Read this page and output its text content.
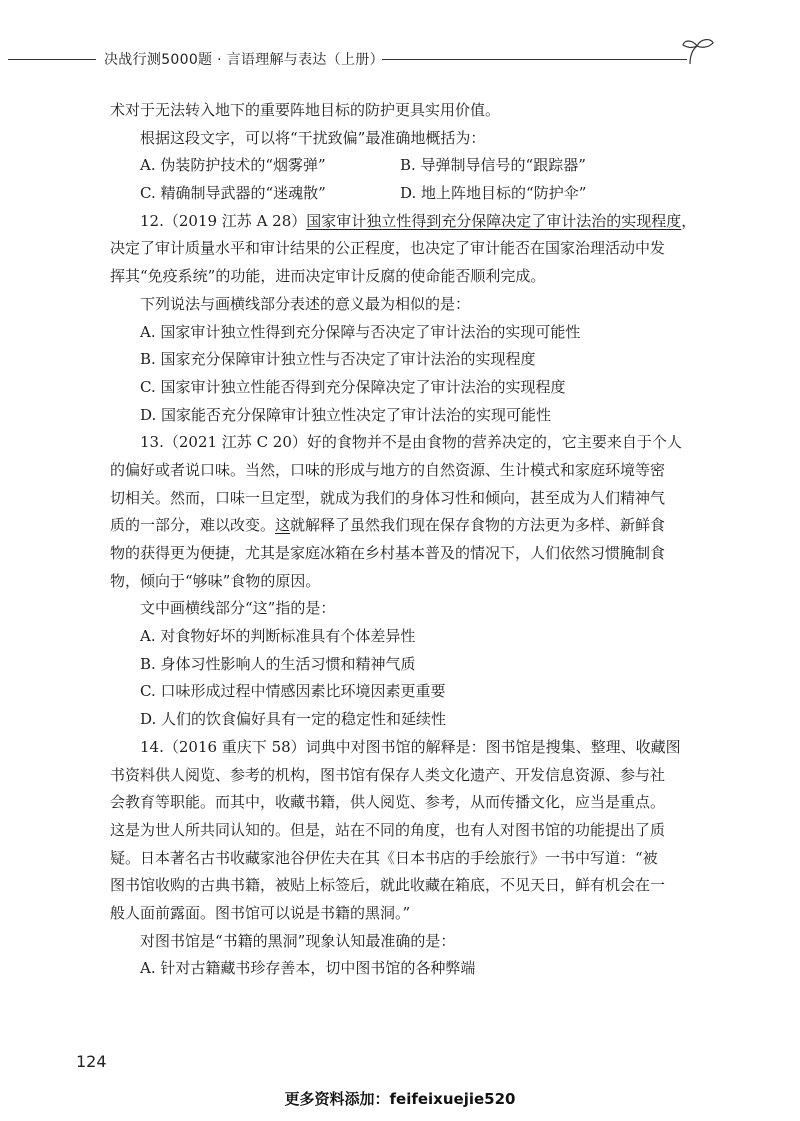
决战行测5000题 · 言语理解与表达（上册）
术对于无法转入地下的重要阵地目标的防护更具实用价值。
根据这段文字，可以将“干扰致偏”最准确地概括为：
A. 伪装防护技术的“烟雾弹”	B. 导弹制导信号的“跟踪器”
C. 精确制导武器的“迷魂散”	D. 地上阵地目标的“防护伞”
12.（2019 江苏 A 28）国家审计独立性得到充分保障决定了审计法治的实现程度，
决定了审计质量水平和审计结果的公正程度，也决定了审计能否在国家治理活动中发
挥其“免疫系统”的功能，进而决定审计反腐的使命能否顺利完成。
下列说法与画横线部分表述的意义最为相似的是：
A. 国家审计独立性得到充分保障与否决定了审计法治的实现可能性
B. 国家充分保障审计独立性与否决定了审计法治的实现程度
C. 国家审计独立性能否得到充分保障决定了审计法治的实现程度
D. 国家能否充分保障审计独立性决定了审计法治的实现可能性
13.（2021 江苏 C 20）好的食物并不是由食物的营养决定的，它主要来自于个人
的偏好或者说口味。当然，口味的形成与地方的自然资源、生计模式和家庭环境等密
切相关。然而，口味一旦定型，就成为我们的身体习性和倾向，甚至成为人们精神气
质的一部分，难以改变。这就解释了虽然我们现在保存食物的方法更为多样、新鲜食
物的获得更为便捷，尤其是家庭冰箱在乡村基本普及的情况下，人们依然习惯腌制食
物，倾向于“够味”食物的原因。
文中画横线部分“这”指的是：
A. 对食物好坏的判断标准具有个体差异性
B. 身体习性影响人的生活习惯和精神气质
C. 口味形成过程中情感因素比环境因素更重要
D. 人们的饮食偏好具有一定的稳定性和延续性
14.（2016 重庆下 58）词典中对图书馆的解释是：图书馆是搜集、整理、收藏图
书资料供人阅览、参考的机构，图书馆有保存人类文化遗产、开发信息资源、参与社
会教育等职能。而其中，收藏书籍，供人阅览、参考，从而传播文化，应当是重点。
这是为世人所共同认知的。但是，站在不同的角度，也有人对图书馆的功能提出了质
疑。日本著名古书收藏家池谷伊佐夫在其《日本书店的手绘旅行》一书中写道：“被
图书馆收购的古典书籍，被贴上标签后，就此收藏在箱底，不见天日，鲜有机会在一
般人面前露面。图书馆可以说是书籍的黑洞。”
对图书馆是“书籍的黑洞”现象认知最准确的是：
A. 针对古籍藏书珍存善本，切中图书馆的各种弊端
124
更多资料添加：feifeixuejie520
